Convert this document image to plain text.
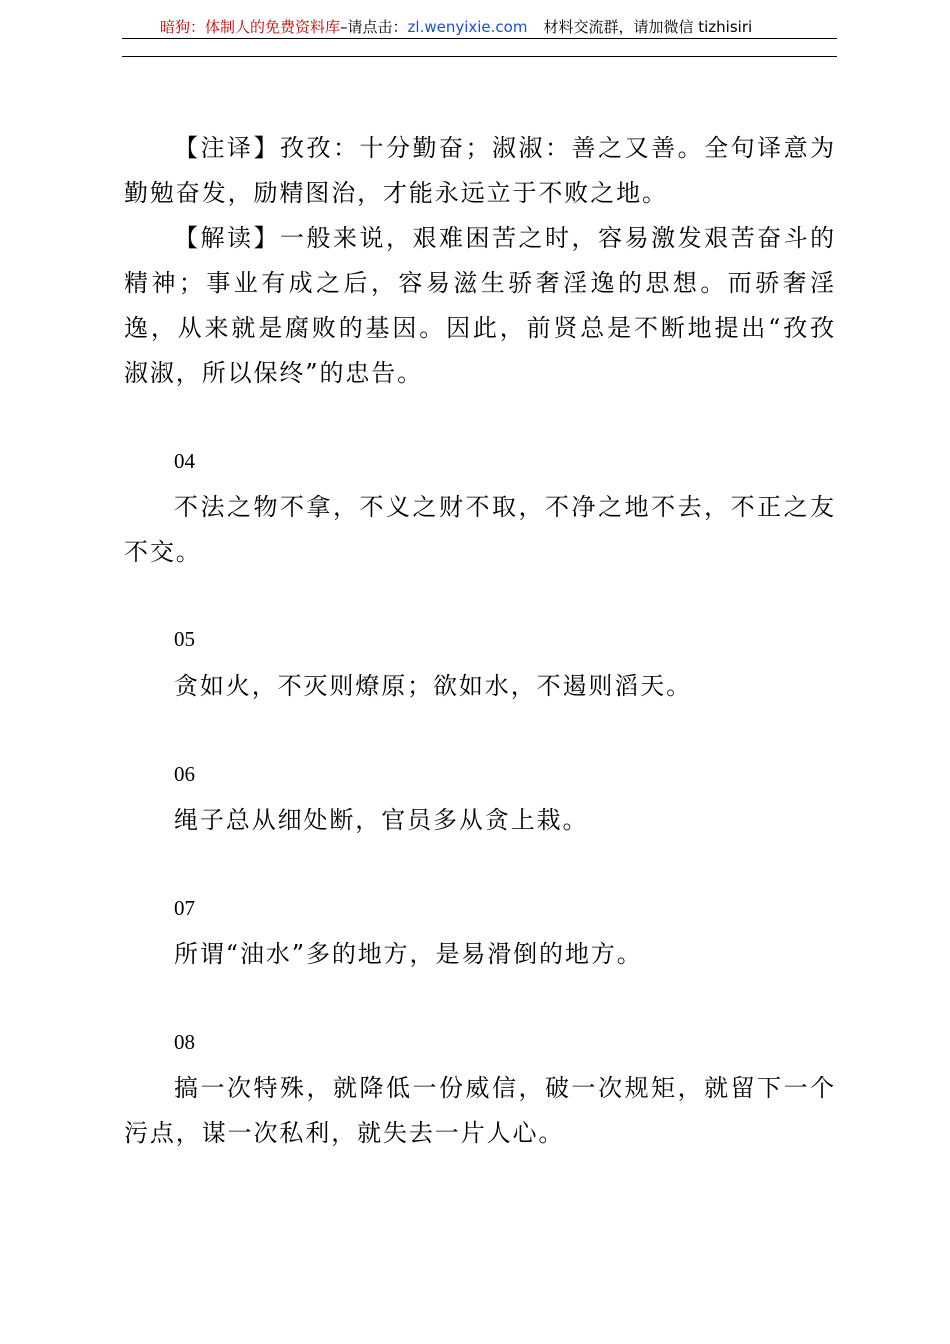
暗狗：体制人的免费资料库–请点击：zl.wenyixie.com 材料交流群，请加微信 tizhisiri

【注译】孜孜：十分勤奋；淑淑：善之又善。全句译意为勤勉奋发，励精图治，才能永远立于不败之地。

【解读】一般来说，艰难困苦之时，容易激发艰苦奋斗的精神；事业有成之后，容易滋生骄奢淫逸的思想。而骄奢淫逸，从来就是腐败的基因。因此，前贤总是不断地提出“孜孜淑淑，所以保终”的忠告。

04

不法之物不拿，不义之财不取，不净之地不去，不正之友不交。

05

贪如火，不灭则燎原；欲如水，不遏则滔天。

06

绳子总从细处断，官员多从贪上栽。

07

所谓“油水”多的地方，是易滑倒的地方。

08

搞一次特殊，就降低一份威信，破一次规矩，就留下一个污点，谋一次私利，就失去一片人心。
